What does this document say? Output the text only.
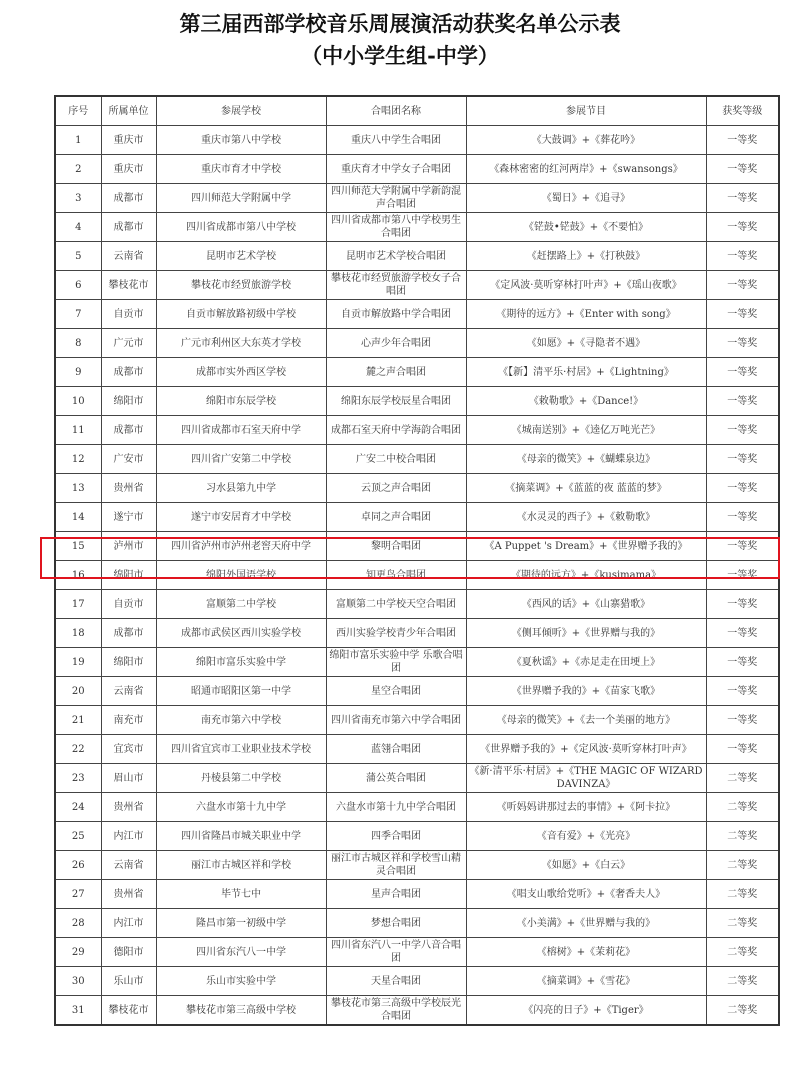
第三届西部学校音乐周展演活动获奖名单公示表
（中小学生组-中学）
序号	所属单位	参展学校	合唱团名称	参展节目	获奖等级
1	重庆市	重庆市第八中学校	重庆八中学生合唱团	《大鼓调》+《葬花吟》	一等奖
2	重庆市	重庆市育才中学校	重庆育才中学女子合唱团	《森林密密的红河两岸》+《swansongs》	一等奖
3	成都市	四川师范大学附属中学	四川师范大学附属中学新韵混声合唱团	《蜀日》+《追寻》	一等奖
4	成都市	四川省成都市第八中学校	四川省成都市第八中学校男生合唱团	《铓鼓•铓鼓》+《不要怕》	一等奖
5	云南省	昆明市艺术学校	昆明市艺术学校合唱团	《赶摆路上》+《打秧鼓》	一等奖
6	攀枝花市	攀枝花市经贸旅游学校	攀枝花市经贸旅游学校女子合唱团	《定风波·莫听穿林打叶声》+《瑶山夜歌》	一等奖
7	自贡市	自贡市解放路初级中学校	自贡市解放路中学合唱团	《期待的远方》+《Enter with song》	一等奖
8	广元市	广元市利州区大东英才学校	心声少年合唱团	《如愿》+《寻隐者不遇》	一等奖
9	成都市	成都市实外西区学校	麓之声合唱团	《【新】清平乐·村居》+《Lightning》	一等奖
10	绵阳市	绵阳市东辰学校	绵阳东辰学校辰星合唱团	《敕勒歌》+《Dance!》	一等奖
11	成都市	四川省成都市石室天府中学	成都石室天府中学海韵合唱团	《城南送别》+《逵亿万吨光芒》	一等奖
12	广安市	四川省广安第二中学校	广安二中校合唱团	《母亲的微笑》+《蝴蝶泉边》	一等奖
13	贵州省	习水县第九中学	云顶之声合唱团	《摘菜调》+《蓝蓝的夜 蓝蓝的梦》	一等奖
14	遂宁市	遂宁市安居育才中学校	卓同之声合唱团	《水灵灵的西子》+《敕勒歌》	一等奖
15	泸州市	四川省泸州市泸州老窖天府中学	黎明合唱团	《A Puppet 's Dream》+《世界赠予我的》	一等奖
16	绵阳市	绵阳外国语学校	知更鸟合唱团	《期待的远方》+《kusimama》	一等奖
17	自贡市	富顺第二中学校	富顺第二中学校天空合唱团	《西风的话》+《山寨猎歌》	一等奖
18	成都市	成都市武侯区西川实验学校	西川实验学校青少年合唱团	《侧耳倾听》+《世界赠与我的》	一等奖
19	绵阳市	绵阳市富乐实验中学	绵阳市富乐实验中学 乐歌合唱团	《夏秋谣》+《赤足走在田埂上》	一等奖
20	云南省	昭通市昭阳区第一中学	星空合唱团	《世界赠予我的》+《苗家飞歌》	一等奖
21	南充市	南充市第六中学校	四川省南充市第六中学合唱团	《母亲的微笑》+《去一个美丽的地方》	一等奖
22	宜宾市	四川省宜宾市工业职业技术学校	蓝翎合唱团	《世界赠予我的》+《定风波·莫听穿林打叶声》	一等奖
23	眉山市	丹棱县第二中学校	蒲公英合唱团	《新·清平乐·村居》+《THE MAGIC OF WIZARD DAVINZA》	二等奖
24	贵州省	六盘水市第十九中学	六盘水市第十九中学合唱团	《听妈妈讲那过去的事情》+《阿卡拉》	二等奖
25	内江市	四川省隆昌市城关职业中学	四季合唱团	《音有爱》+《光亮》	二等奖
26	云南省	丽江市古城区祥和学校	丽江市古城区祥和学校雪山精灵合唱团	《如愿》+《白云》	二等奖
27	贵州省	毕节七中	星声合唱团	《唱支山歌给党听》+《奢香夫人》	二等奖
28	内江市	隆昌市第一初级中学	梦想合唱团	《小美满》+《世界赠与我的》	二等奖
29	德阳市	四川省东汽八一中学	四川省东汽八一中学八音合唱团	《榕树》+《茉莉花》	二等奖
30	乐山市	乐山市实验中学	天星合唱团	《摘菜调》+《雪花》	二等奖
31	攀枝花市	攀枝花市第三高级中学校	攀枝花市第三高级中学校辰光合唱团	《闪亮的日子》+《Tiger》	二等奖
